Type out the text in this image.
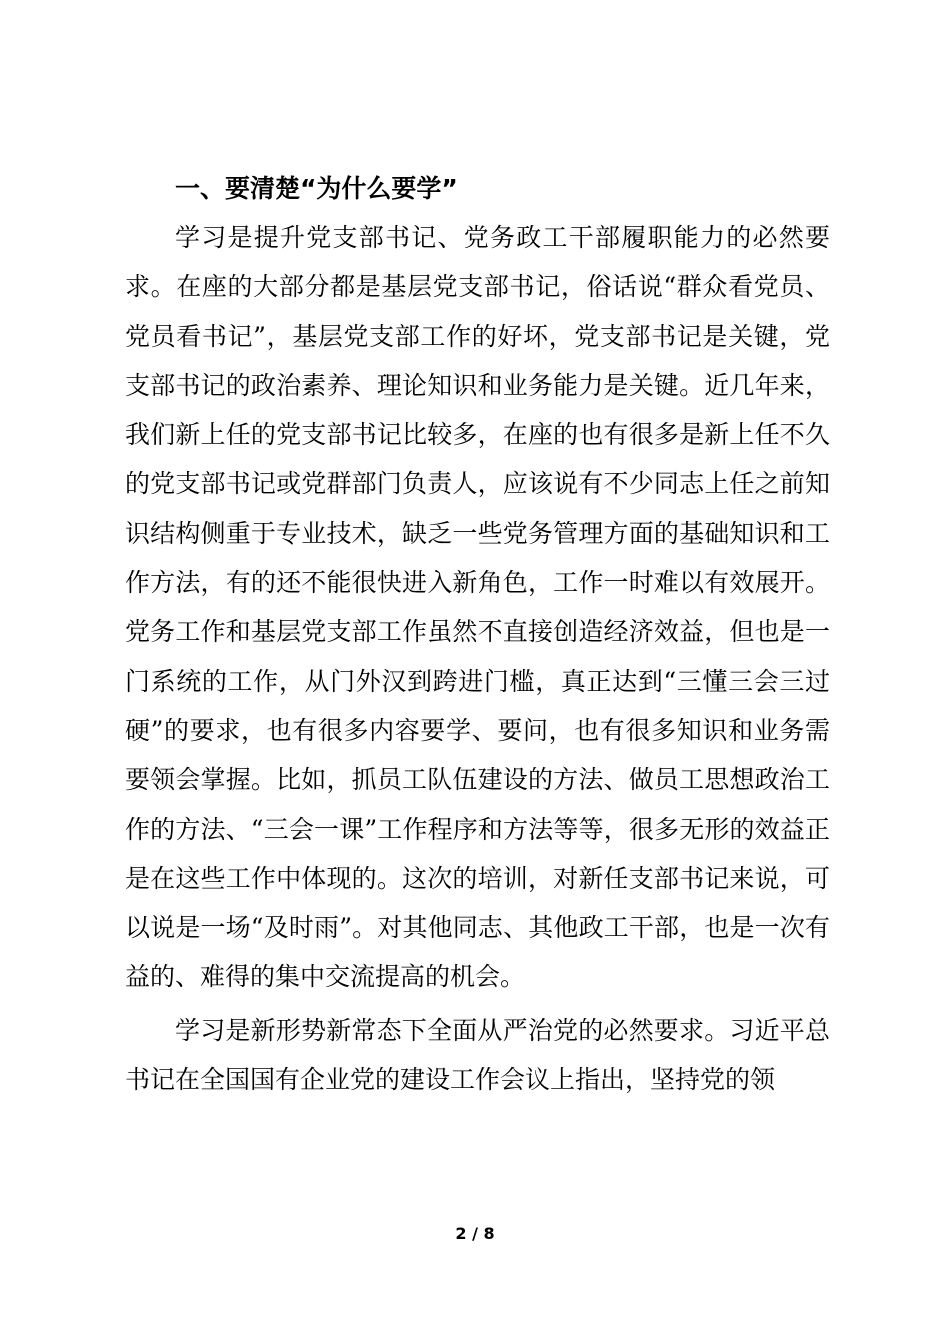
一、要清楚“为什么要学”

学习是提升党支部书记、党务政工干部履职能力的必然要求。在座的大部分都是基层党支部书记，俗话说“群众看党员、党员看书记”，基层党支部工作的好坏，党支部书记是关键，党支部书记的政治素养、理论知识和业务能力是关键。近几年来，我们新上任的党支部书记比较多，在座的也有很多是新上任不久的党支部书记或党群部门负责人，应该说有不少同志上任之前知识结构侧重于专业技术，缺乏一些党务管理方面的基础知识和工作方法，有的还不能很快进入新角色，工作一时难以有效展开。党务工作和基层党支部工作虽然不直接创造经济效益，但也是一门系统的工作，从门外汉到跨进门槛，真正达到“三懂三会三过硬”的要求，也有很多内容要学、要问，也有很多知识和业务需要领会掌握。比如，抓员工队伍建设的方法、做员工思想政治工作的方法、“三会一课”工作程序和方法等等，很多无形的效益正是在这些工作中体现的。这次的培训，对新任支部书记来说，可以说是一场“及时雨”。对其他同志、其他政工干部，也是一次有益的、难得的集中交流提高的机会。

学习是新形势新常态下全面从严治党的必然要求。习近平总书记在全国国有企业党的建设工作会议上指出，坚持党的领

2 / 8
